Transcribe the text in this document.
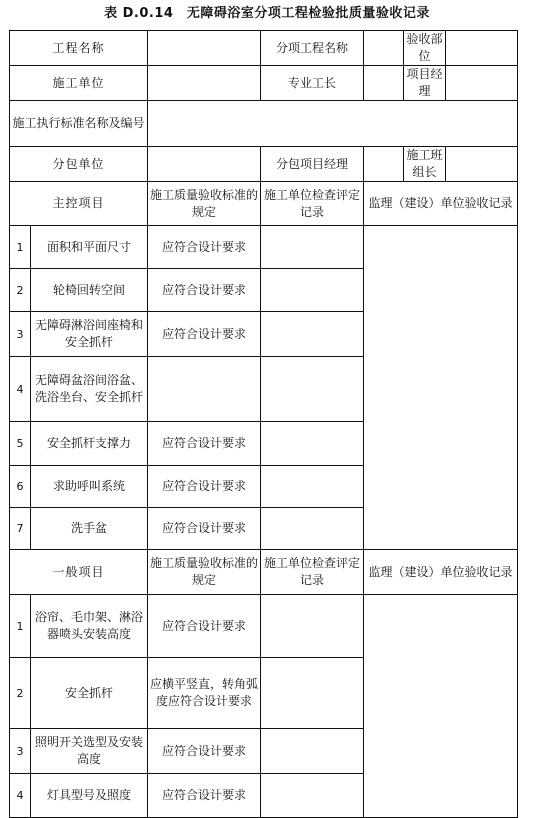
表 D.0.14　无障碍浴室分项工程检验批质量验收记录
工程名称			分项工程名称		验收部位	
施工单位			专业工长		项目经理	
施工执行标准名称及编号						
分包单位			分包项目经理		施工班组长	
主控项目		施工质量验收标准的规定	施工单位检查评定记录	监理（建设）单位验收记录		
1	面积和平面尺寸	应符合设计要求				
2	轮椅回转空间	应符合设计要求				
3	无障碍淋浴间座椅和安全抓杆	应符合设计要求				
4	无障碍盆浴间浴盆、洗浴坐台、安全抓杆					
5	安全抓杆支撑力	应符合设计要求				
6	求助呼叫系统	应符合设计要求				
7	洗手盆	应符合设计要求				
一般项目		施工质量验收标准的规定	施工单位检查评定记录	监理（建设）单位验收记录		
1	浴帘、毛巾架、淋浴器喷头安装高度	应符合设计要求				
2	安全抓杆	应横平竖直，转角弧度应符合设计要求				
3	照明开关选型及安装高度	应符合设计要求				
4	灯具型号及照度	应符合设计要求				
